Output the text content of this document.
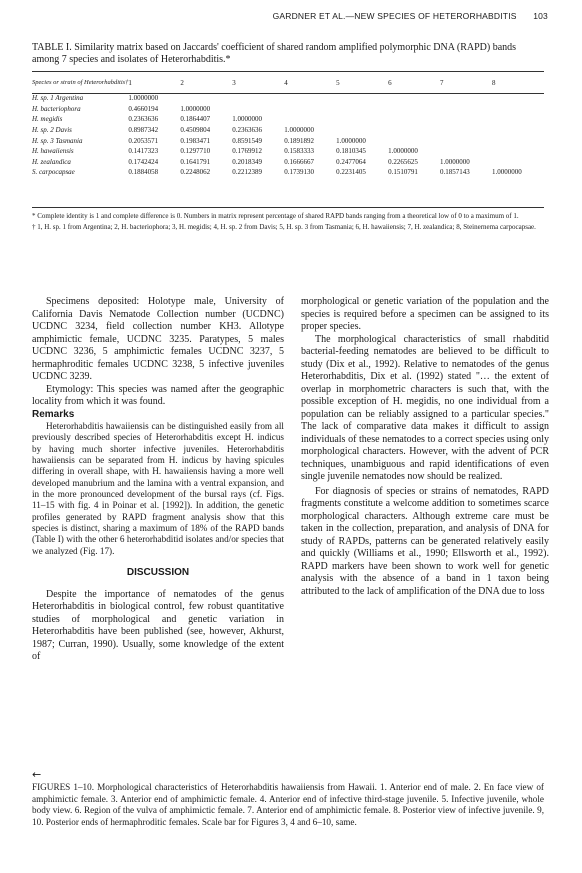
GARDNER ET AL.—NEW SPECIES OF HETERORHABDITIS 103
TABLE I. Similarity matrix based on Jaccards' coefficient of shared random amplified polymorphic DNA (RAPD) bands among 7 species and isolates of Heterorhabditis.*
Species or strain of Heterorhabditis†	1	2	3	4	5	6	7	8
H. sp. 1 Argentina	1.0000000							
H. bacteriophora	0.4660194	1.0000000						
H. megidis	0.2363636	0.1864407	1.0000000					
H. sp. 2 Davis	0.8987342	0.4509804	0.2363636	1.0000000				
H. sp. 3 Tasmania	0.2053571	0.1983471	0.8591549	0.1891892	1.0000000			
H. hawaiiensis	0.1417323	0.1297710	0.1769912	0.1583333	0.1810345	1.0000000		
H. zealandica	0.1742424	0.1641791	0.2018349	0.1666667	0.2477064	0.2265625	1.0000000	
S. carpocapsae	0.1884058	0.2248062	0.2212389	0.1739130	0.2231405	0.1510791	0.1857143	1.0000000

* Complete identity is 1 and complete difference is 0. Numbers in matrix represent percentage of shared RAPD bands ranging from a theoretical low of 0 to a maximum of 1.

† 1, H. sp. 1 from Argentina; 2, H. bacteriophora; 3, H. megidis; 4, H. sp. 2 from Davis; 5, H. sp. 3 from Tasmania; 6, H. hawaiiensis; 7, H. zealandica; 8, Steinernema carpocapsae.

Specimens deposited: Holotype male, University of California Davis Nematode Collection number (UCDNC) UCDNC 3234, field collection number KH3. Allotype amphimictic female, UCDNC 3235. Paratypes, 5 males UCDNC 3236, 5 amphimictic females UCDNC 3237, 5 hermaphroditic females UCDNC 3238, 5 infective juveniles UCDNC 3239.

Etymology: This species was named after the geographic locality from which it was found.

Remarks

Heterorhabditis hawaiiensis can be distinguished easily from all previously described species of Heterorhabditis except H. indicus by having much shorter infective juveniles. Heterorhabditis hawaiiensis can be separated from H. indicus by having spicules differing in overall shape, with H. hawaiiensis having a more well developed manubrium and the lamina with a ventral expansion, and in the more pronounced development of the bursal rays (cf. Figs. 11–15 with fig. 4 in Poinar et al. [1992]). In addition, the genetic profiles generated by RAPD fragment analysis show that this species is distinct, sharing a maximum of 18% of the RAPD bands (Table I) with the other 6 heterorhabditid isolates and/or species that we analyzed (Fig. 17).

DISCUSSION

Despite the importance of nematodes of the genus Heterorhabditis in biological control, few robust quantitative studies of morphological and genetic variation in Heterorhabditis have been published (see, however, Akhurst, 1987; Curran, 1990). Usually, some knowledge of the extent of

morphological or genetic variation of the population and the species is required before a specimen can be assigned to its proper species.

The morphological characteristics of small rhabditid bacterial-feeding nematodes are believed to be difficult to study (Dix et al., 1992). Relative to nematodes of the genus Heterorhabditis, Dix et al. (1992) stated "… the extent of overlap in morphometric characters is such that, with the possible exception of H. megidis, no one individual from a population can be reliably assigned to a particular species." The lack of comparative data makes it difficult to assign individuals of these nematodes to a correct species using only morphological characters. However, with the advent of PCR techniques, unambiguous and rapid identifications of even single juvenile nematodes now should be realized.

For diagnosis of species or strains of nematodes, RAPD fragments constitute a welcome addition to sometimes scarce morphological characters. Although extreme care must be taken in the collection, preparation, and analysis of DNA for study of RAPDs, patterns can be generated relatively easily and quickly (Williams et al., 1990; Ellsworth et al., 1992). RAPD markers have been shown to work well for genetic analysis with the absence of a band in 1 taxon being attributed to the lack of amplification of the DNA due to loss

←
FIGURES 1–10. Morphological characteristics of Heterorhabditis hawaiiensis from Hawaii. 1. Anterior end of male. 2. En face view of amphimictic female. 3. Anterior end of amphimictic female. 4. Anterior end of infective third-stage juvenile. 5. Infective juvenile, whole body view. 6. Region of the vulva of amphimictic female. 7. Anterior end of amphimictic female. 8. Posterior view of infective juvenile. 9, 10. Posterior ends of hermaphroditic females. Scale bar for Figures 3, 4 and 6–10, same.
